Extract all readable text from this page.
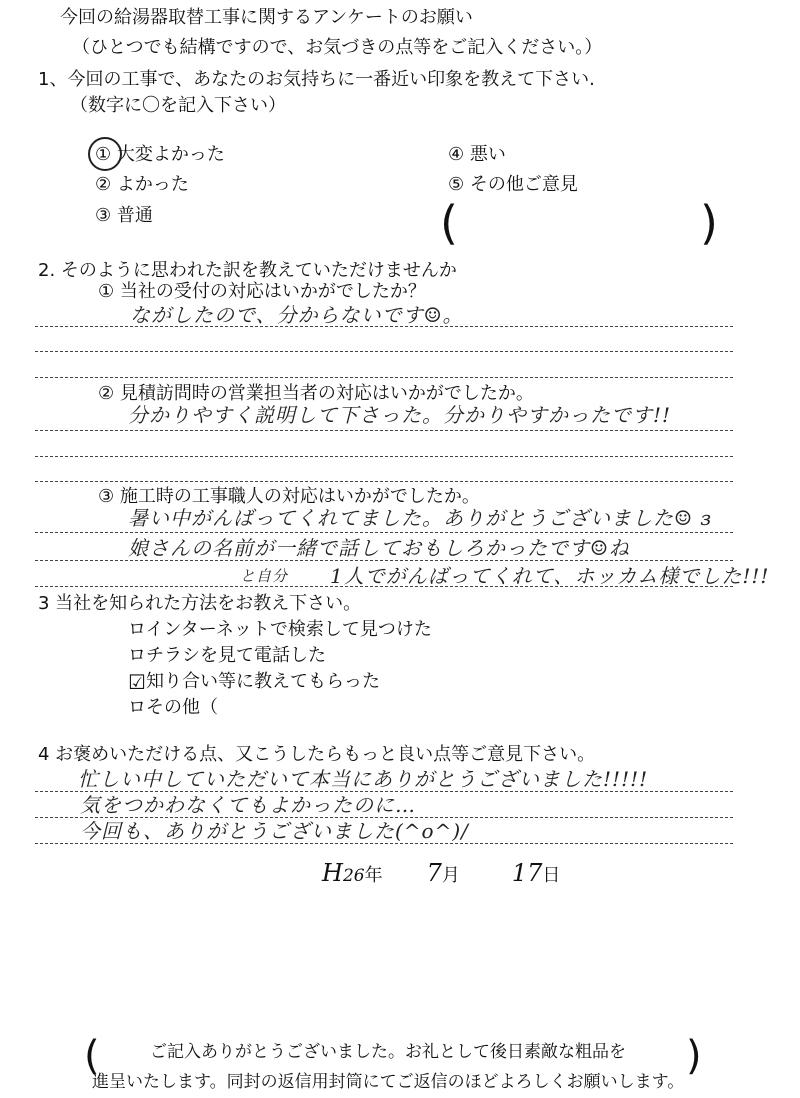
今回の給湯器取替工事に関するアンケートのお願い
（ひとつでも結構ですので、お気づきの点等をご記入ください。）
1、今回の工事で、あなたのお気持ちに一番近い印象を教えて下さい.
（数字に〇を記入下さい）
① 大変よかった
② よかった
③ 普通
④ 悪い
⑤ その他ご意見
(	)
2. そのように思われた訳を教えていただけませんか
① 当社の受付の対応はいかがでしたか？
ながしたので、分からないです☺。
② 見積訪問時の営業担当者の対応はいかがでしたか。
分かりやすく説明して下さった。分かりやすかったです!!
③ 施工時の工事職人の対応はいかがでしたか。
暑い中がんばってくれてました。ありがとうございました☺ з
娘さんの名前が一緒で話しておもしろかったです☺ね
と自分 1人でがんばってくれて、ホッカム様でした!!!
3 当社を知られた方法をお教え下さい。
ロインターネットで検索して見つけた
ロチラシを見て電話した
☑ 知り合い等に教えてもらった
ロその他（
4 お褒めいただける点、又こうしたらもっと良い点等ご意見下さい。
忙しい中していただいて本当にありがとうございました!!!!!
気をつかわなくてもよかったのに…
今回も、ありがとうございました(^o^)/
H26年 7月 17日
(	)
ご記入ありがとうございました。お礼として後日素敵な粗品を
進呈いたします。同封の返信用封筒にてご返信のほどよろしくお願いします。
